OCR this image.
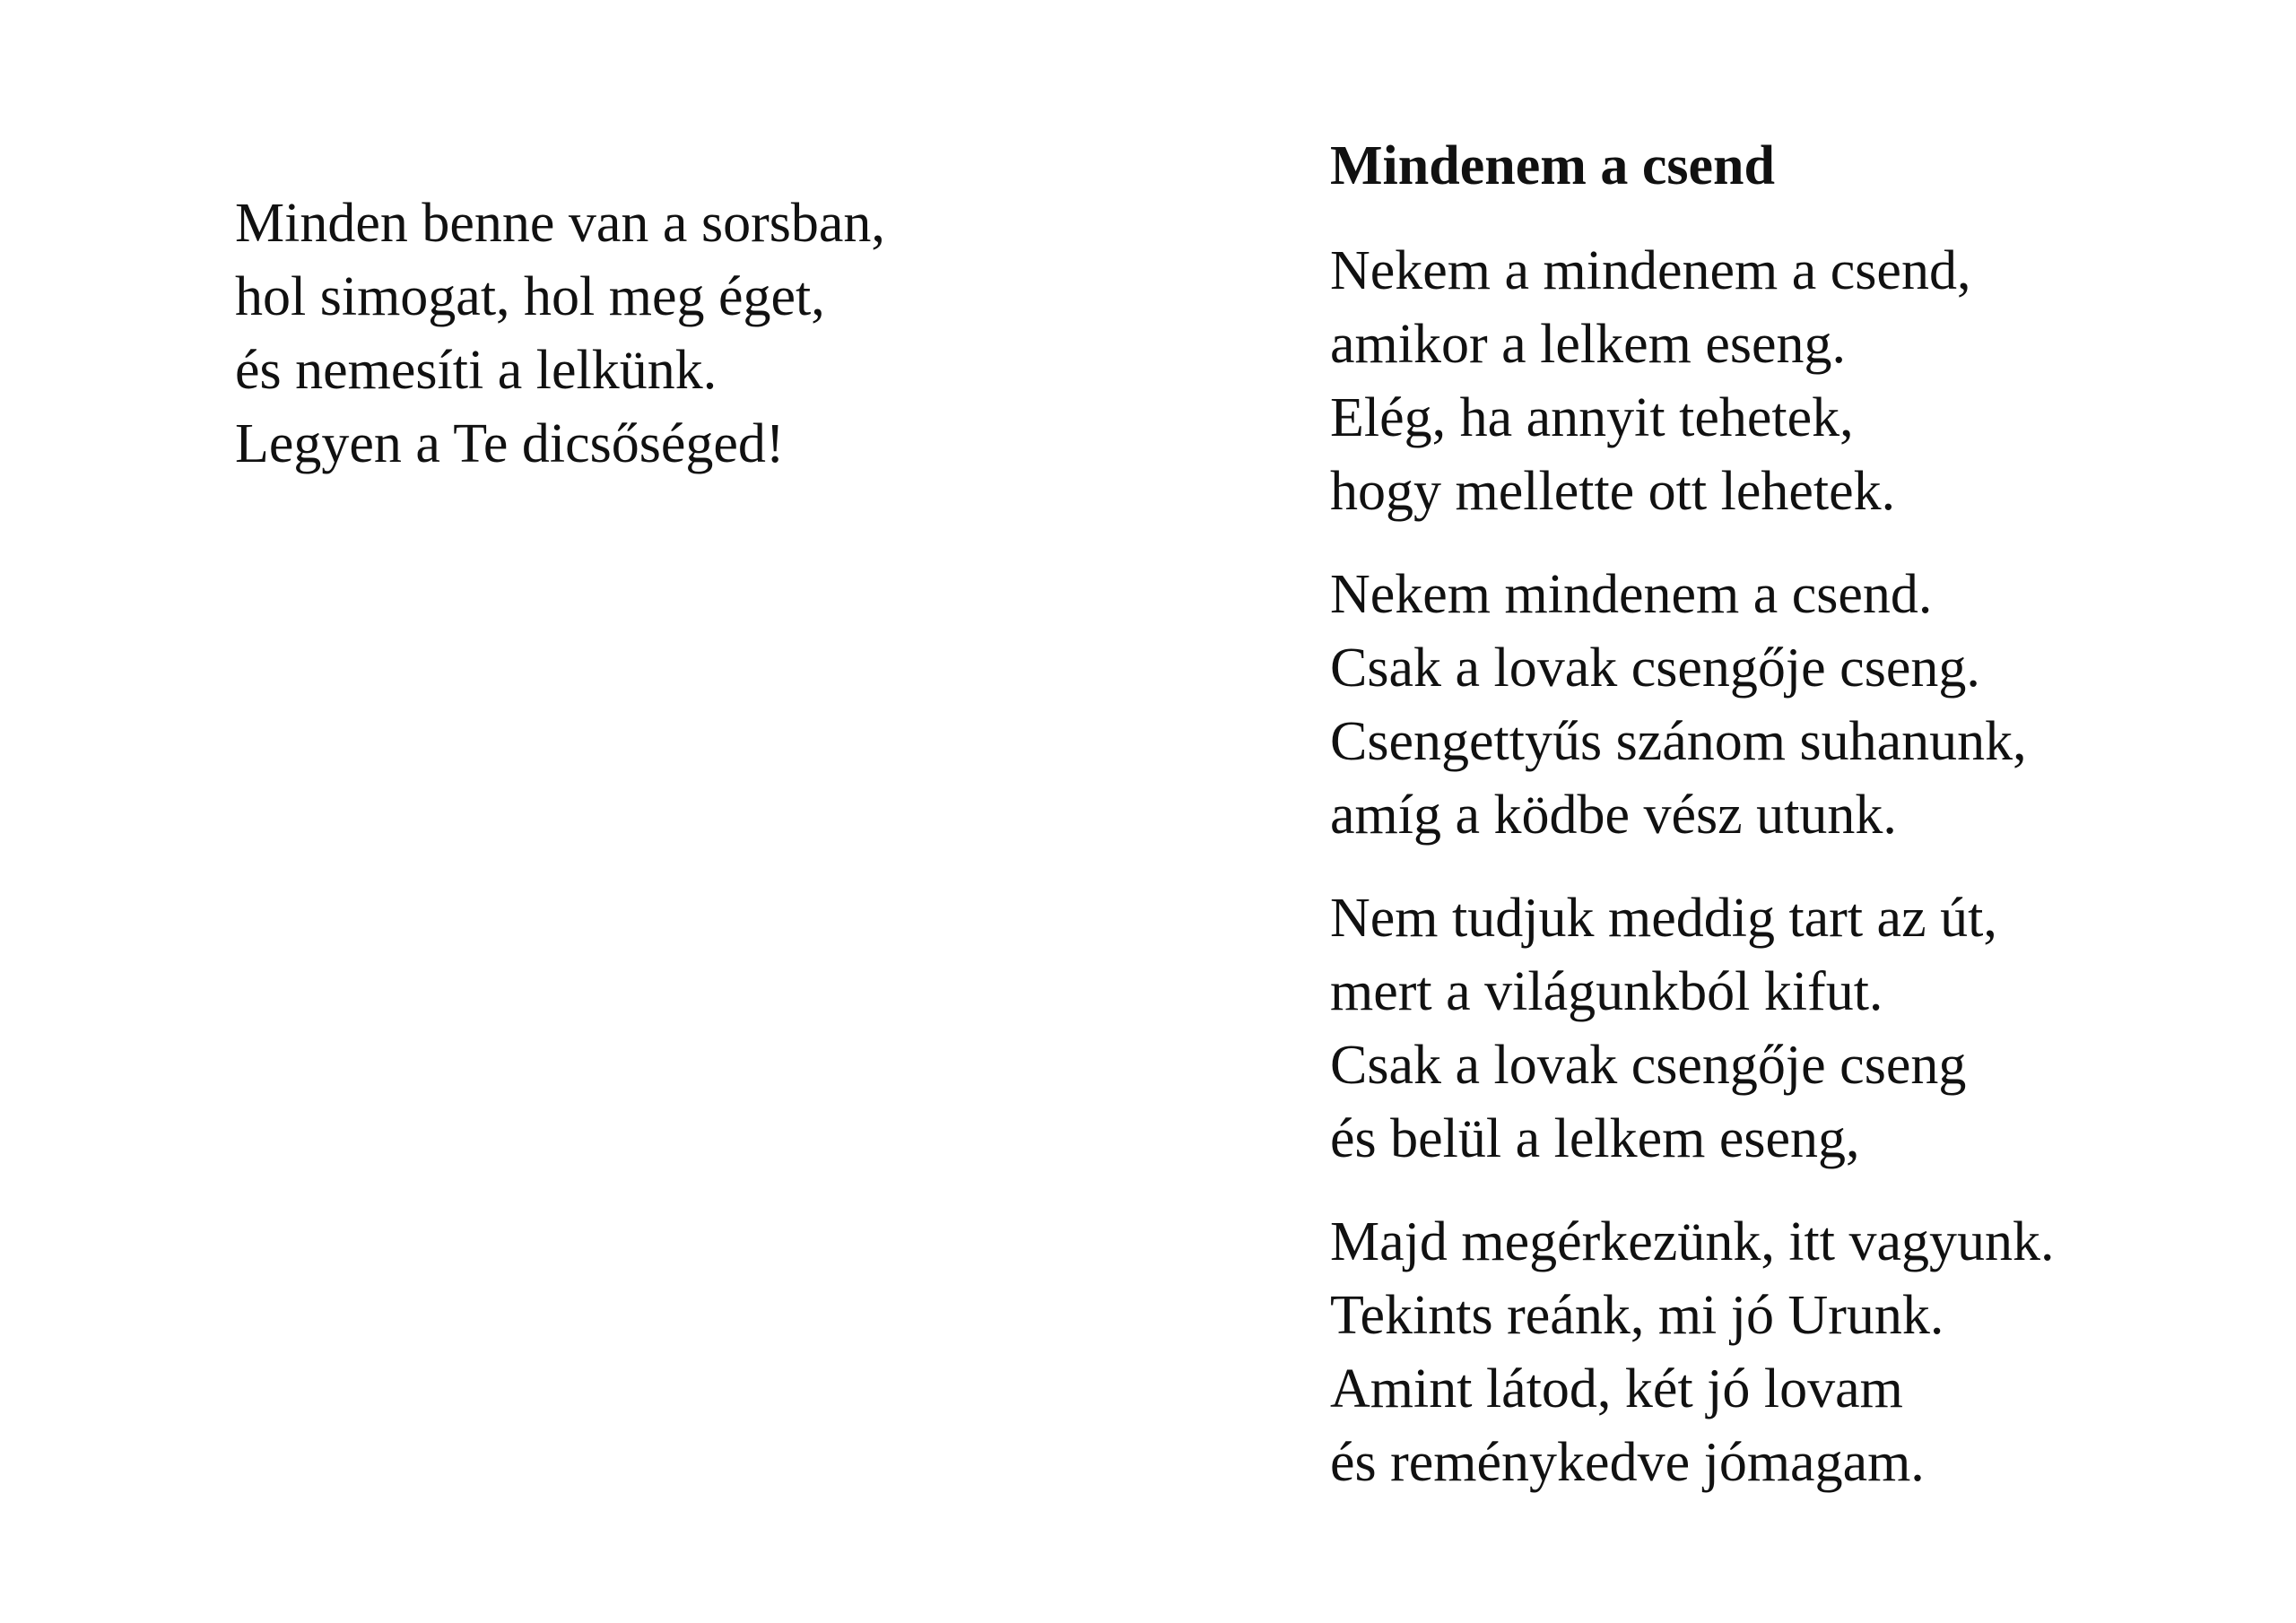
Minden benne van a sorsban,
hol simogat, hol meg éget,
és nemesíti a lelkünk.
Legyen a Te dicsőséged!

Mindenem a csend

Nekem a mindenem a csend,
amikor a lelkem eseng.
Elég, ha annyit tehetek,
hogy mellette ott lehetek.

Nekem mindenem a csend.
Csak a lovak csengője cseng.
Csengettyűs szánom suhanunk,
amíg a ködbe vész utunk.

Nem tudjuk meddig tart az út,
mert a világunkból kifut.
Csak a lovak csengője cseng
és belül a lelkem eseng,

Majd megérkezünk, itt vagyunk.
Tekints reánk, mi jó Urunk.
Amint látod, két jó lovam
és reménykedve jómagam.
